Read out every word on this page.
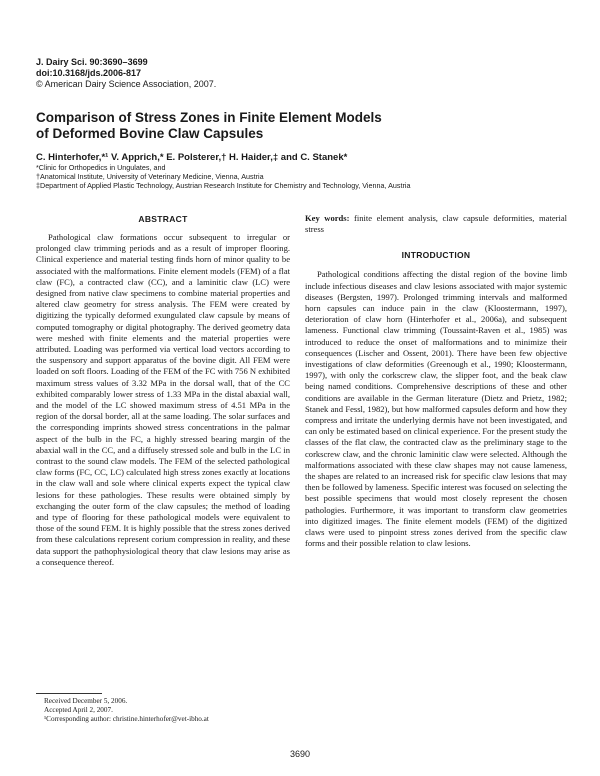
J. Dairy Sci. 90:3690–3699
doi:10.3168/jds.2006-817
© American Dairy Science Association, 2007.
Comparison of Stress Zones in Finite Element Models
of Deformed Bovine Claw Capsules
C. Hinterhofer,*¹ V. Apprich,* E. Polsterer,† H. Haider,‡ and C. Stanek*
*Clinic for Orthopedics in Ungulates, and
†Anatomical Institute, University of Veterinary Medicine, Vienna, Austria
‡Department of Applied Plastic Technology, Austrian Research Institute for Chemistry and Technology, Vienna, Austria
ABSTRACT

Pathological claw formations occur subsequent to irregular or prolonged claw trimming periods and as a result of improper flooring. Clinical experience and material testing finds horn of minor quality to be associated with the malformations. Finite element models (FEM) of a flat claw (FC), a contracted claw (CC), and a laminitic claw (LC) were designed from native claw specimens to combine material properties and altered claw geometry for stress analysis. The FEM were created by digitizing the typically deformed exungulated claw capsule by means of computed tomography or digital photography. The derived geometry data were meshed with finite elements and the material properties were attributed. Loading was performed via vertical load vectors according to the suspensory and support apparatus of the bovine digit. All FEM were loaded on soft floors. Loading of the FEM of the FC with 756 N exhibited maximum stress values of 3.32 MPa in the dorsal wall, that of the CC exhibited comparably lower stress of 1.33 MPa in the distal abaxial wall, and the model of the LC showed maximum stress of 4.51 MPa in the region of the dorsal border, all at the same loading. The solar surfaces and the corresponding imprints showed stress concentrations in the palmar aspect of the bulb in the FC, a highly stressed bearing margin of the abaxial wall in the CC, and a diffusely stressed sole and bulb in the LC in contrast to the sound claw models. The FEM of the selected pathological claw forms (FC, CC, LC) calculated high stress zones exactly at locations in the claw wall and sole where clinical experts expect the typical claw lesions for these pathologies. These results were obtained simply by exchanging the outer form of the claw capsules; the method of loading and type of flooring for these pathological models were equivalent to those of the sound FEM. It is highly possible that the stress zones derived from these calculations represent corium compression in reality, and these data support the pathophysiological theory that claw lesions may arise as a consequence thereof.

Key words: finite element analysis, claw capsule deformities, material stress

INTRODUCTION

Pathological conditions affecting the distal region of the bovine limb include infectious diseases and claw lesions associated with major systemic diseases (Bergsten, 1997). Prolonged trimming intervals and malformed horn capsules can induce pain in the claw (Kloostermann, 1997), deterioration of claw horn (Hinterhofer et al., 2006a), and subsequent lameness. Functional claw trimming (Toussaint-Raven et al., 1985) was introduced to reduce the onset of malformations and to minimize their consequences (Lischer and Ossent, 2001). There have been few objective investigations of claw deformities (Greenough et al., 1990; Kloostermann, 1997), with only the corkscrew claw, the slipper foot, and the beak claw being named conditions. Comprehensive descriptions of these and other conditions are available in the German literature (Dietz and Prietz, 1982; Stanek and Fessl, 1982), but how malformed capsules deform and how they compress and irritate the underlying dermis have not been investigated, and can only be estimated based on clinical experience. For the present study the classes of the flat claw, the contracted claw as the preliminary stage to the corkscrew claw, and the chronic laminitic claw were selected. Although the malformations associated with these claw shapes may not cause lameness, the shapes are related to an increased risk for specific claw lesions that may then be followed by lameness. Specific interest was focused on selecting the best possible specimens that would most closely represent the chosen pathologies. Furthermore, it was important to transform claw geometries into digitized images. The finite element models (FEM) of the digitized claws were used to pinpoint stress zones derived from the specific claw forms and their possible relation to claw lesions.

Received December 5, 2006.
Accepted April 2, 2007.
¹Corresponding author: christine.hinterhofer@vet-ibho.at
3690
